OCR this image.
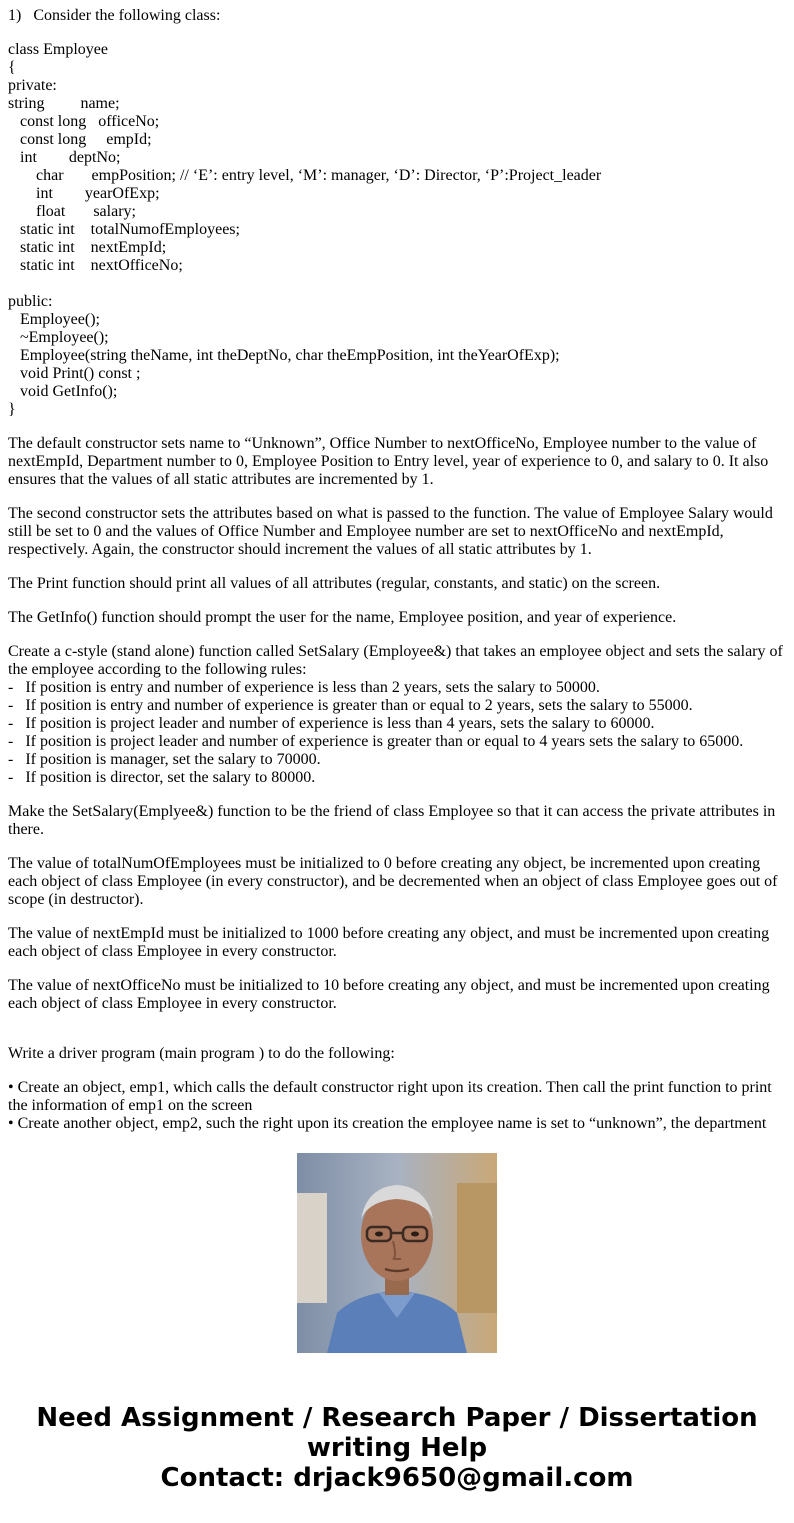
1)   Consider the following class:
class Employee
{
private:
string         name;
const long   officeNo;
const long     empId;
int        deptNo;
char       empPosition; // ‘E’: entry level, ‘M’: manager, ‘D’: Director, ‘P’:Project_leader
int        yearOfExp;
float       salary;
static int    totalNumofEmployees;
static int    nextEmpId;
static int    nextOfficeNo;
public:
Employee();
~Employee();
Employee(string theName, int theDeptNo, char theEmpPosition, int theYearOfExp);
void Print() const ;
void GetInfo();
}

The default constructor sets name to “Unknown”, Office Number to nextOfficeNo, Employee number to the value of nextEmpId, Department number to 0, Employee Position to Entry level, year of experience to 0, and salary to 0. It also ensures that the values of all static attributes are incremented by 1.

The second constructor sets the attributes based on what is passed to the function. The value of Employee Salary would still be set to 0 and the values of Office Number and Employee number are set to nextOfficeNo and nextEmpId, respectively. Again, the constructor should increment the values of all static attributes by 1.

The Print function should print all values of all attributes (regular, constants, and static) on the screen.

The GetInfo() function should prompt the user for the name, Employee position, and year of experience.

Create a c-style (stand alone) function called SetSalary (Employee&) that takes an employee object and sets the salary of the employee according to the following rules:
-   If position is entry and number of experience is less than 2 years, sets the salary to 50000.
-   If position is entry and number of experience is greater than or equal to 2 years, sets the salary to 55000.
-   If position is project leader and number of experience is less than 4 years, sets the salary to 60000.
-   If position is project leader and number of experience is greater than or equal to 4 years sets the salary to 65000.
-   If position is manager, set the salary to 70000.
-   If position is director, set the salary to 80000.

Make the SetSalary(Emplyee&) function to be the friend of class Employee so that it can access the private attributes in there.

The value of totalNumOfEmployees must be initialized to 0 before creating any object, be incremented upon creating each object of class Employee (in every constructor), and be decremented when an object of class Employee goes out of scope (in destructor).

The value of nextEmpId must be initialized to 1000 before creating any object, and must be incremented upon creating each object of class Employee in every constructor.

The value of nextOfficeNo must be initialized to 10 before creating any object, and must be incremented upon creating each object of class Employee in every constructor.

Write a driver program (main program ) to do the following:

• Create an object, emp1, which calls the default constructor right upon its creation. Then call the print function to print the information of emp1 on the screen
• Create another object, emp2, such the right upon its creation the employee name is set to “unknown”, the department
Need Assignment / Research Paper / Dissertation
writing Help
Contact: drjack9650@gmail.com
